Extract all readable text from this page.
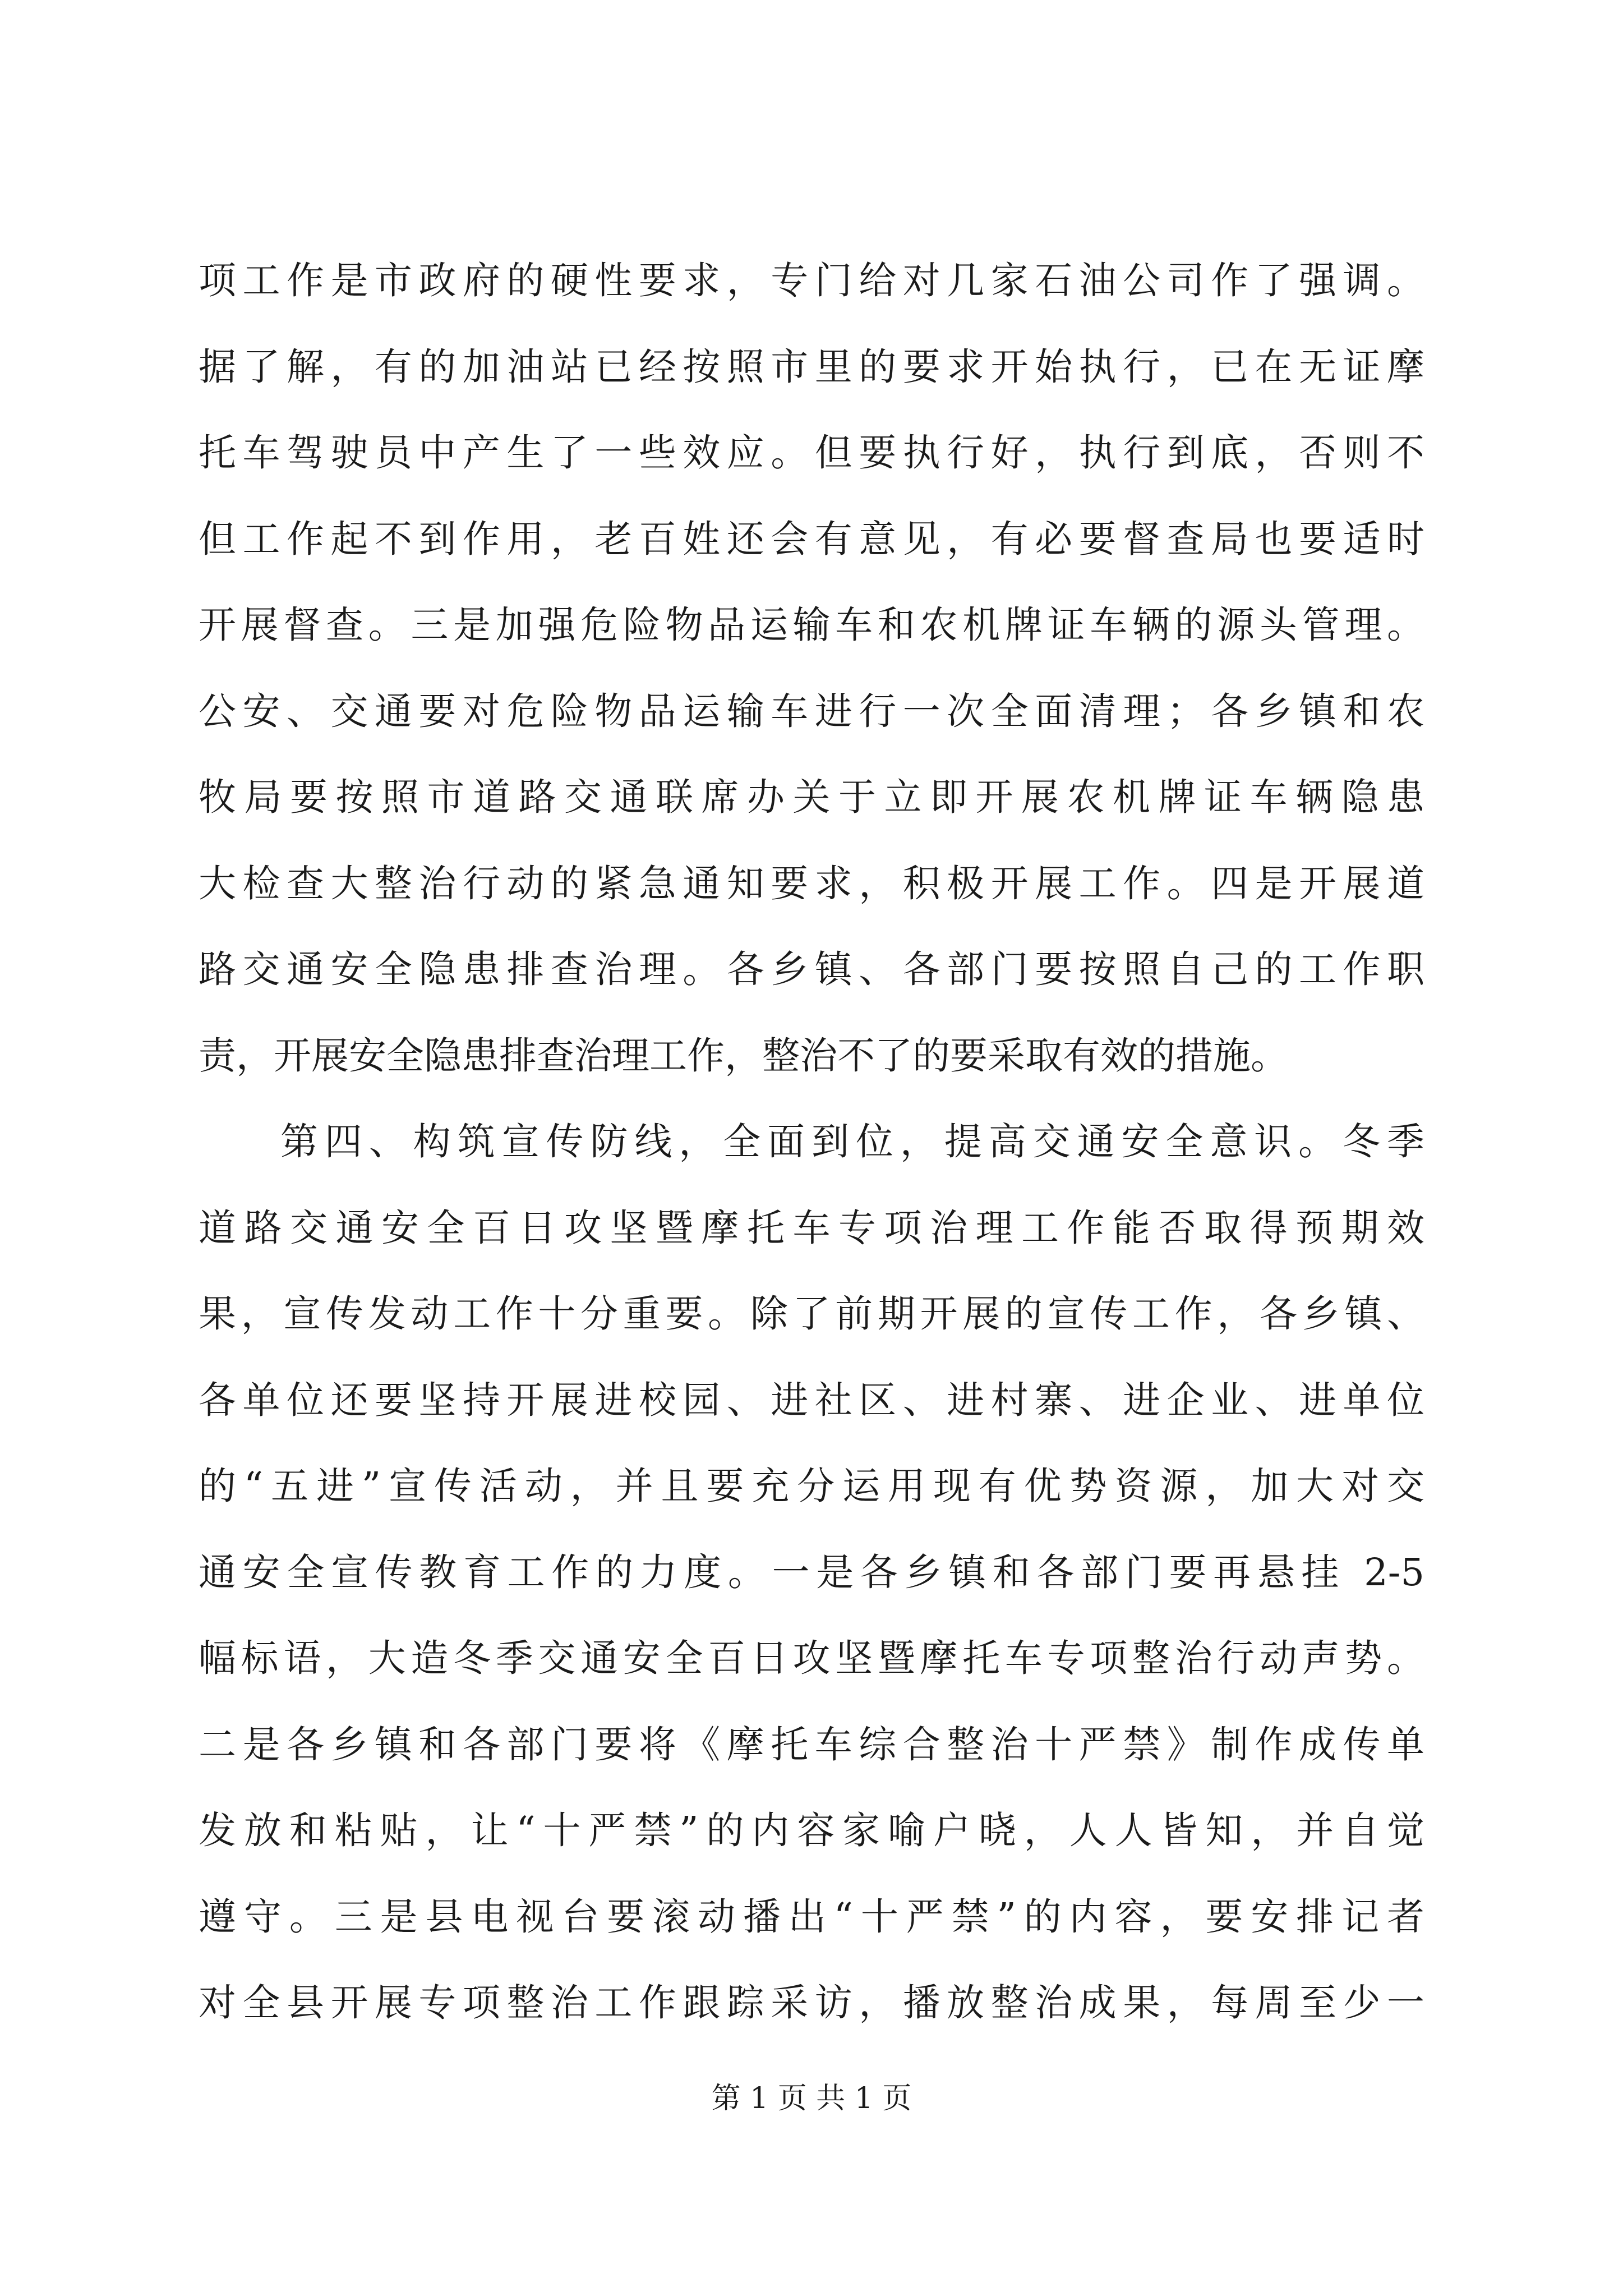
项工作是市政府的硬性要求，专门给对几家石油公司作了强调。
据了解，有的加油站已经按照市里的要求开始执行，已在无证摩
托车驾驶员中产生了一些效应。但要执行好，执行到底，否则不
但工作起不到作用，老百姓还会有意见，有必要督查局也要适时
开展督查。三是加强危险物品运输车和农机牌证车辆的源头管理。
公安、交通要对危险物品运输车进行一次全面清理；各乡镇和农
牧局要按照市道路交通联席办关于立即开展农机牌证车辆隐患
大检查大整治行动的紧急通知要求，积极开展工作。四是开展道
路交通安全隐患排查治理。各乡镇、各部门要按照自己的工作职
责，开展安全隐患排查治理工作，整治不了的要采取有效的措施。
第四、构筑宣传防线，全面到位，提高交通安全意识。冬季
道路交通安全百日攻坚暨摩托车专项治理工作能否取得预期效
果，宣传发动工作十分重要。除了前期开展的宣传工作，各乡镇、
各单位还要坚持开展进校园、进社区、进村寨、进企业、进单位
的“五进”宣传活动，并且要充分运用现有优势资源，加大对交
通安全宣传教育工作的力度。一是各乡镇和各部门要再悬挂 2-5
幅标语，大造冬季交通安全百日攻坚暨摩托车专项整治行动声势。
二是各乡镇和各部门要将《摩托车综合整治十严禁》制作成传单
发放和粘贴，让“十严禁”的内容家喻户晓，人人皆知，并自觉
遵守。三是县电视台要滚动播出“十严禁”的内容，要安排记者
对全县开展专项整治工作跟踪采访，播放整治成果，每周至少一
第 1 页 共 1 页
